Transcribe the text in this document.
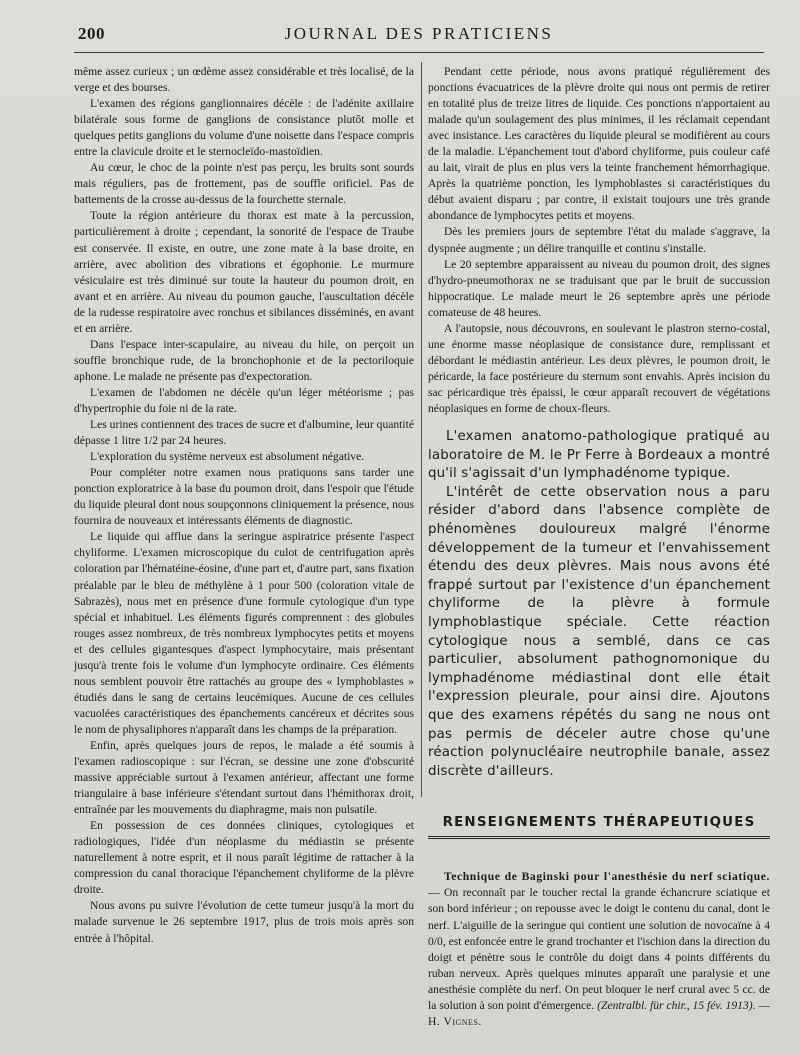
200	JOURNAL DES PRATICIENS

même assez curieux ; un œdème assez considérable et très localisé, de la verge et des bourses.

L'examen des régions ganglionnaires décèle : de l'adénite axillaire bilatérale sous forme de ganglions de consistance plutôt molle et quelques petits ganglions du volume d'une noisette dans l'espace compris entre la clavicule droite et le sternocleïdo-mastoïdien.

Au cœur, le choc de la pointe n'est pas perçu, les bruits sont sourds mais réguliers, pas de frottement, pas de souffle orificiel. Pas de battements de la crosse au-dessus de la fourchette sternale.

Toute la région antérieure du thorax est mate à la percussion, particulièrement à droite ; cependant, la sonorité de l'espace de Traube est conservée. Il existe, en outre, une zone mate à la base droite, en arrière, avec abolition des vibrations et égophonie. Le murmure vésiculaire est très diminué sur toute la hauteur du poumon droit, en avant et en arrière. Au niveau du poumon gauche, l'auscultation décèle de la rudesse respiratoire avec ronchus et sibilances disséminés, en avant et en arrière.

Dans l'espace inter-scapulaire, au niveau du hile, on perçoit un souffle bronchique rude, de la bronchophonie et de la pectoriloquie aphone. Le malade ne présente pas d'expectoration.

L'examen de l'abdomen ne décèle qu'un léger météorisme ; pas d'hypertrophie du foie ni de la rate.

Les urines contiennent des traces de sucre et d'albumine, leur quantité dépasse 1 litre 1/2 par 24 heures.

L'exploration du système nerveux est absolument négative.

Pour compléter notre examen nous pratiquons sans tarder une ponction exploratrice à la base du poumon droit, dans l'espoir que l'étude du liquide pleural dont nous soupçonnons cliniquement la présence, nous fournira de nouveaux et intéressants éléments de diagnostic.

Le liquide qui afflue dans la seringue aspiratrice présente l'aspect chyliforme. L'examen microscopique du culot de centrifugation après coloration par l'hématéine-éosine, d'une part et, d'autre part, sans fixation préalable par le bleu de méthylène à 1 pour 500 (coloration vitale de Sabrazès), nous met en présence d'une formule cytologique d'un type spécial et inhabituel. Les éléments figurés comprennent : des globules rouges assez nombreux, de très nombreux lymphocytes petits et moyens et des cellules gigantesques d'aspect lymphocytaire, mais présentant jusqu'à trente fois le volume d'un lymphocyte ordinaire. Ces éléments nous semblent pouvoir être rattachés au groupe des « lymphoblastes » étudiés dans le sang de certains leucémiques. Aucune de ces cellules vacuolées caractéristiques des épanchements cancéreux et décrites sous le nom de physaliphores n'apparaît dans les champs de la préparation.

Enfin, après quelques jours de repos, le malade a été soumis à l'examen radioscopique : sur l'écran, se dessine une zone d'obscurité massive appréciable surtout à l'examen antérieur, affectant une forme triangulaire à base inférieure s'étendant surtout dans l'hémithorax droit, entraînée par les mouvements du diaphragme, mais non pulsatile.

En possession de ces données cliniques, cytologiques et radiologiques, l'idée d'un néoplasme du médiastin se présente naturellement à notre esprit, et il nous paraît légitime de rattacher à la compression du canal thoracique l'épanchement chyliforme de la plèvre droite.

Nous avons pu suivre l'évolution de cette tumeur jusqu'à la mort du malade survenue le 26 septembre 1917, plus de trois mois après son entrée à l'hôpital.

Pendant cette période, nous avons pratiqué régulièrement des ponctions évacuatrices de la plèvre droite qui nous ont permis de retirer en totalité plus de treize litres de liquide. Ces ponctions n'apportaient au malade qu'un soulagement des plus minimes, il les réclamait cependant avec insistance. Les caractères du liquide pleural se modifièrent au cours de la maladie. L'épanchement tout d'abord chyliforme, puis couleur café au lait, virait de plus en plus vers la teinte franchement hémorrhagique. Après la quatrième ponction, les lymphoblastes si caractéristiques du début avaient disparu ; par contre, il existait toujours une très grande abondance de lymphocytes petits et moyens.

Dès les premiers jours de septembre l'état du malade s'aggrave, la dyspnée augmente ; un délire tranquille et continu s'installe.

Le 20 septembre apparaissent au niveau du poumon droit, des signes d'hydro-pneumothorax ne se traduisant que par le bruit de succussion hippocratique. Le malade meurt le 26 septembre après une période comateuse de 48 heures.

A l'autopsie, nous découvrons, en soulevant le plastron sterno-costal, une énorme masse néoplasique de consistance dure, remplissant et débordant le médiastin antérieur. Les deux plèvres, le poumon droit, le péricarde, la face postérieure du sternum sont envahis. Après incision du sac péricardique très épaissi, le cœur apparaît recouvert de végétations néoplasiques en forme de choux-fleurs.

L'examen anatomo-pathologique pratiqué au laboratoire de M. le Pr Ferre à Bordeaux a montré qu'il s'agissait d'un lymphadénome typique.

L'intérêt de cette observation nous a paru résider d'abord dans l'absence complète de phénomènes douloureux malgré l'énorme développement de la tumeur et l'envahissement étendu des deux plèvres. Mais nous avons été frappé surtout par l'existence d'un épanchement chyliforme de la plèvre à formule lymphoblastique spéciale. Cette réaction cytologique nous a semblé, dans ce cas particulier, absolument pathognomonique du lymphadénome médiastinal dont elle était l'expression pleurale, pour ainsi dire. Ajoutons que des examens répétés du sang ne nous ont pas permis de déceler autre chose qu'une réaction polynucléaire neutrophile banale, assez discrète d'ailleurs.

RENSEIGNEMENTS THÉRAPEUTIQUES

Technique de Baginski pour l'anesthésie du nerf sciatique. — On reconnaît par le toucher rectal la grande échancrure sciatique et son bord inférieur ; on repousse avec le doigt le contenu du canal, dont le nerf. L'aiguille de la seringue qui contient une solution de novocaïne à 4 0/0, est enfoncée entre le grand trochanter et l'ischion dans la direction du doigt et pénètre sous le contrôle du doigt dans 4 points différents du ruban nerveux. Après quelques minutes apparaît une paralysie et une anesthésie complète du nerf. On peut bloquer le nerf crural avec 5 cc. de la solution à son point d'émergence. (Zentralbl. für chir., 15 fév. 1913). — H. Vignes.
